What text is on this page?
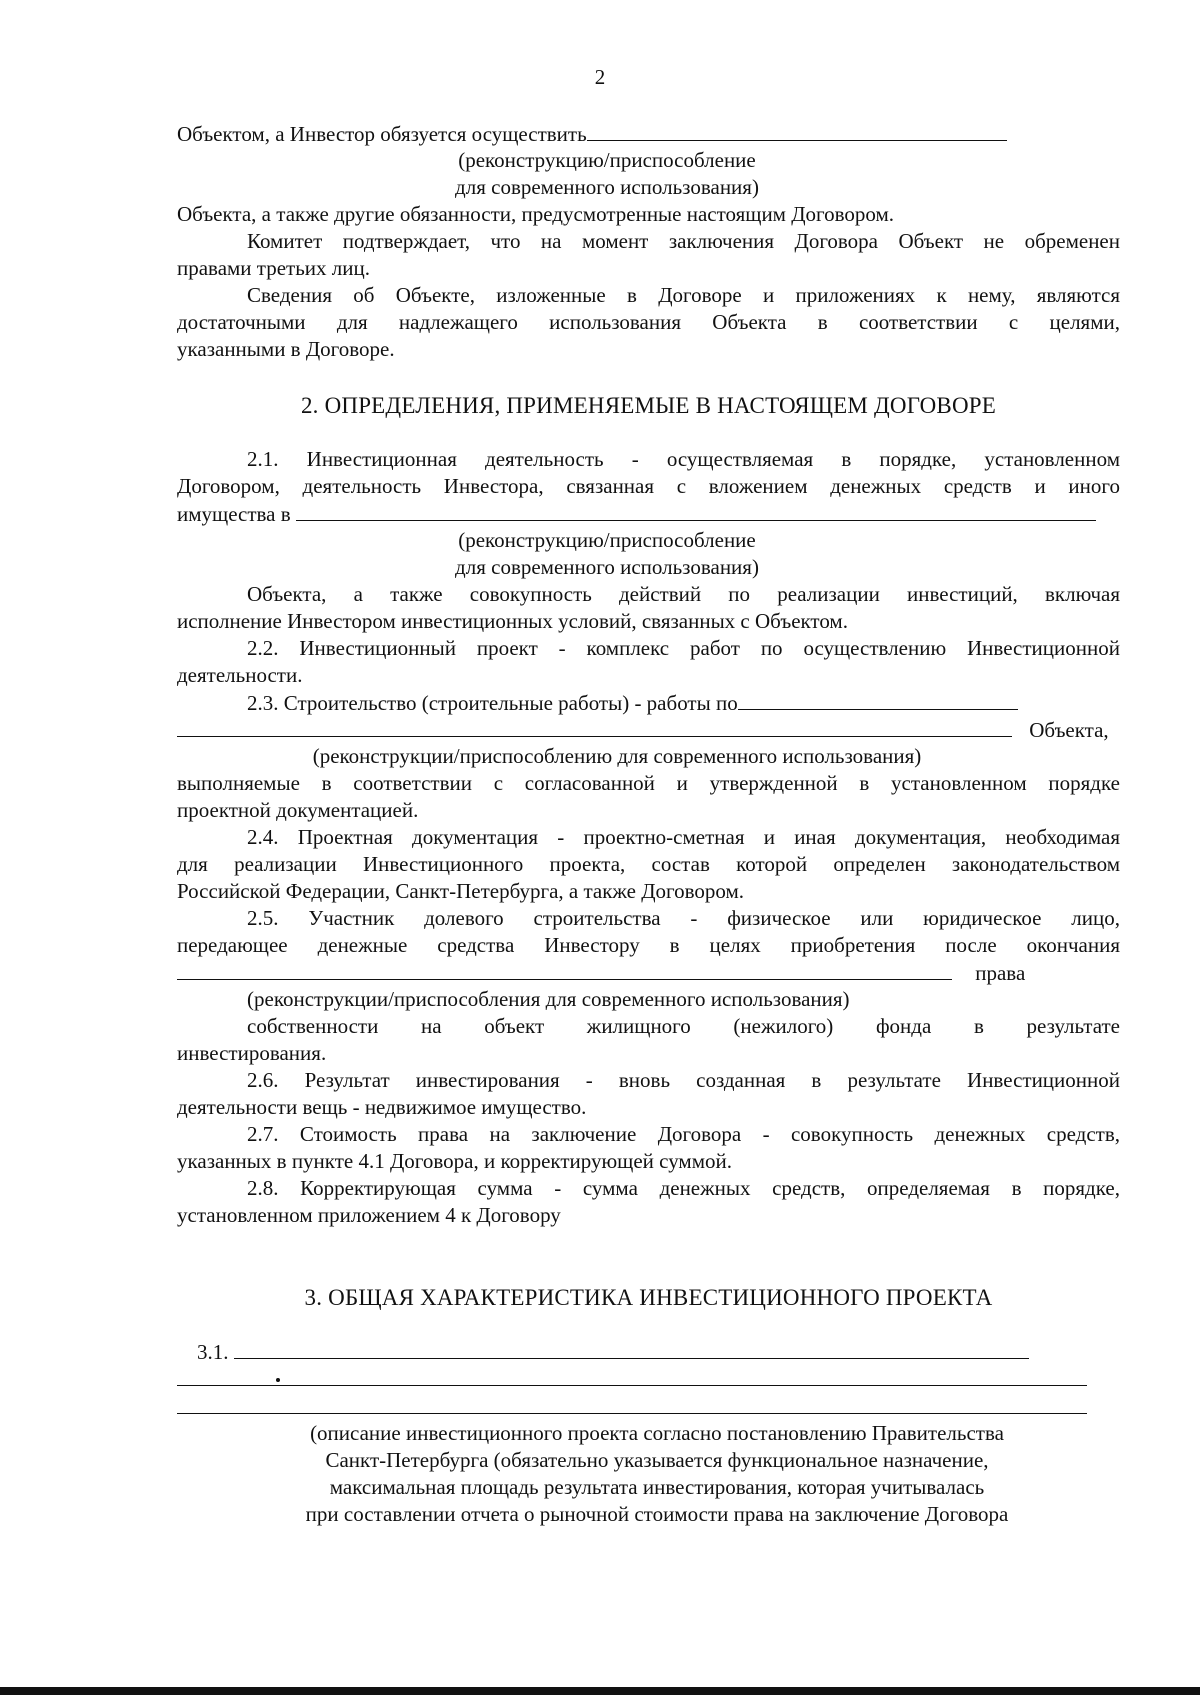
2
Объектом, а Инвестор обязуется осуществить
(реконструкцию/приспособление
для современного использования)
Объекта, а также другие обязанности, предусмотренные настоящим Договором.
Комитет подтверждает, что на момент заключения Договора Объект не обременен
правами третьих лиц.
Сведения об Объекте, изложенные в Договоре и приложениях к нему, являются
достаточными для надлежащего использования Объекта в соответствии с целями,
указанными в Договоре.
2. ОПРЕДЕЛЕНИЯ, ПРИМЕНЯЕМЫЕ В НАСТОЯЩЕМ ДОГОВОРЕ
2.1. Инвестиционная деятельность - осуществляемая в порядке, установленном
Договором, деятельность Инвестора, связанная с вложением денежных средств и иного
имущества в
(реконструкцию/приспособление
для современного использования)
Объекта, а также совокупность действий по реализации инвестиций, включая
исполнение Инвестором инвестиционных условий, связанных с Объектом.
2.2. Инвестиционный проект - комплекс работ по осуществлению Инвестиционной
деятельности.
2.3. Строительство (строительные работы) - работы по
Объекта,
(реконструкции/приспособлению для современного использования)
выполняемые в соответствии с согласованной и утвержденной в установленном порядке
проектной документацией.
2.4. Проектная документация - проектно-сметная и иная документация, необходимая
для реализации Инвестиционного проекта, состав которой определен законодательством
Российской Федерации, Санкт-Петербурга, а также Договором.
2.5. Участник долевого строительства - физическое или юридическое лицо,
передающее денежные средства Инвестору в целях приобретения после окончания
права
(реконструкции/приспособления для современного использования)
собственности на объект жилищного (нежилого) фонда в результате
инвестирования.
2.6. Результат инвестирования - вновь созданная в результате Инвестиционной
деятельности вещь - недвижимое имущество.
2.7. Стоимость права на заключение Договора - совокупность денежных средств,
указанных в пункте 4.1 Договора, и корректирующей суммой.
2.8. Корректирующая сумма - сумма денежных средств, определяемая в порядке,
установленном приложением 4 к Договору
3. ОБЩАЯ ХАРАКТЕРИСТИКА ИНВЕСТИЦИОННОГО ПРОЕКТА
3.1.
(описание инвестиционного проекта согласно постановлению Правительства
Санкт-Петербурга (обязательно указывается функциональное назначение,
максимальная площадь результата инвестирования, которая учитывалась
при составлении отчета о рыночной стоимости права на заключение Договора
